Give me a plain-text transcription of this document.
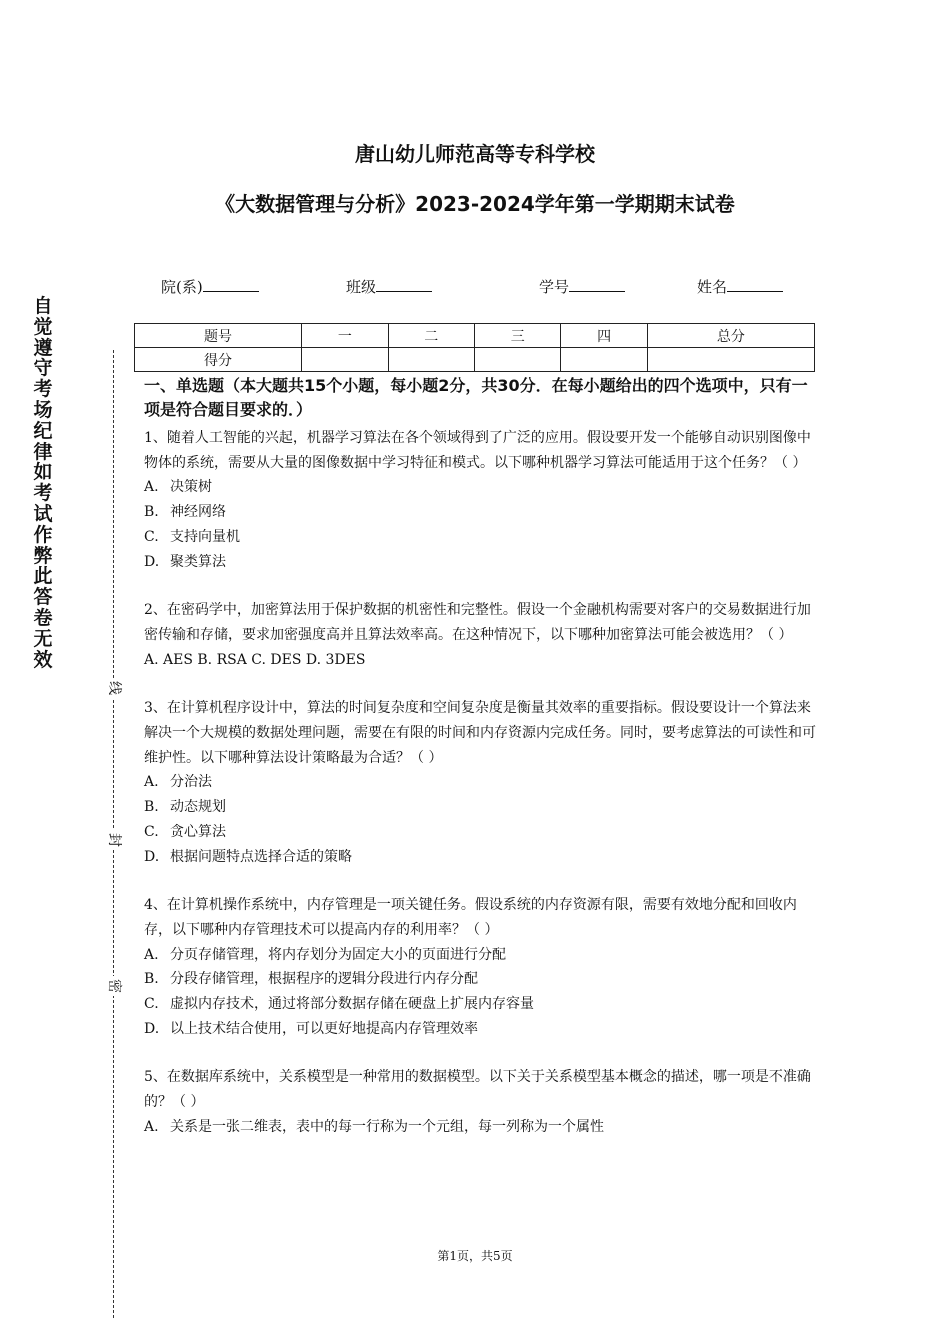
自觉遵守考场纪律如考试作弊此答卷无效
线
封
密
唐山幼儿师范高等专科学校
《大数据管理与分析》2023-2024学年第一学期期末试卷
院(系)	班级	学号	姓名
题号	一	二	三	四	总分
得分					

一、单选题（本大题共15个小题，每小题2分，共30分．在每小题给出的四个选项中，只有一项是符合题目要求的．）

1、随着人工智能的兴起，机器学习算法在各个领域得到了广泛的应用。假设要开发一个能够自动识别图像中物体的系统，需要从大量的图像数据中学习特征和模式。以下哪种机器学习算法可能适用于这个任务？（ ）

A. 决策树

B. 神经网络

C. 支持向量机

D. 聚类算法

2、在密码学中，加密算法用于保护数据的机密性和完整性。假设一个金融机构需要对客户的交易数据进行加密传输和存储，要求加密强度高并且算法效率高。在这种情况下，以下哪种加密算法可能会被选用？（ ）

A. AES B. RSA C. DES D. 3DES

3、在计算机程序设计中，算法的时间复杂度和空间复杂度是衡量其效率的重要指标。假设要设计一个算法来解决一个大规模的数据处理问题，需要在有限的时间和内存资源内完成任务。同时，要考虑算法的可读性和可维护性。以下哪种算法设计策略最为合适？（ ）

A. 分治法

B. 动态规划

C. 贪心算法

D. 根据问题特点选择合适的策略

4、在计算机操作系统中，内存管理是一项关键任务。假设系统的内存资源有限，需要有效地分配和回收内存，以下哪种内存管理技术可以提高内存的利用率？（ ）

A. 分页存储管理，将内存划分为固定大小的页面进行分配

B. 分段存储管理，根据程序的逻辑分段进行内存分配

C. 虚拟内存技术，通过将部分数据存储在硬盘上扩展内存容量

D. 以上技术结合使用，可以更好地提高内存管理效率

5、在数据库系统中，关系模型是一种常用的数据模型。以下关于关系模型基本概念的描述，哪一项是不准确的？（ ）

A. 关系是一张二维表，表中的每一行称为一个元组，每一列称为一个属性

第1页，共5页
